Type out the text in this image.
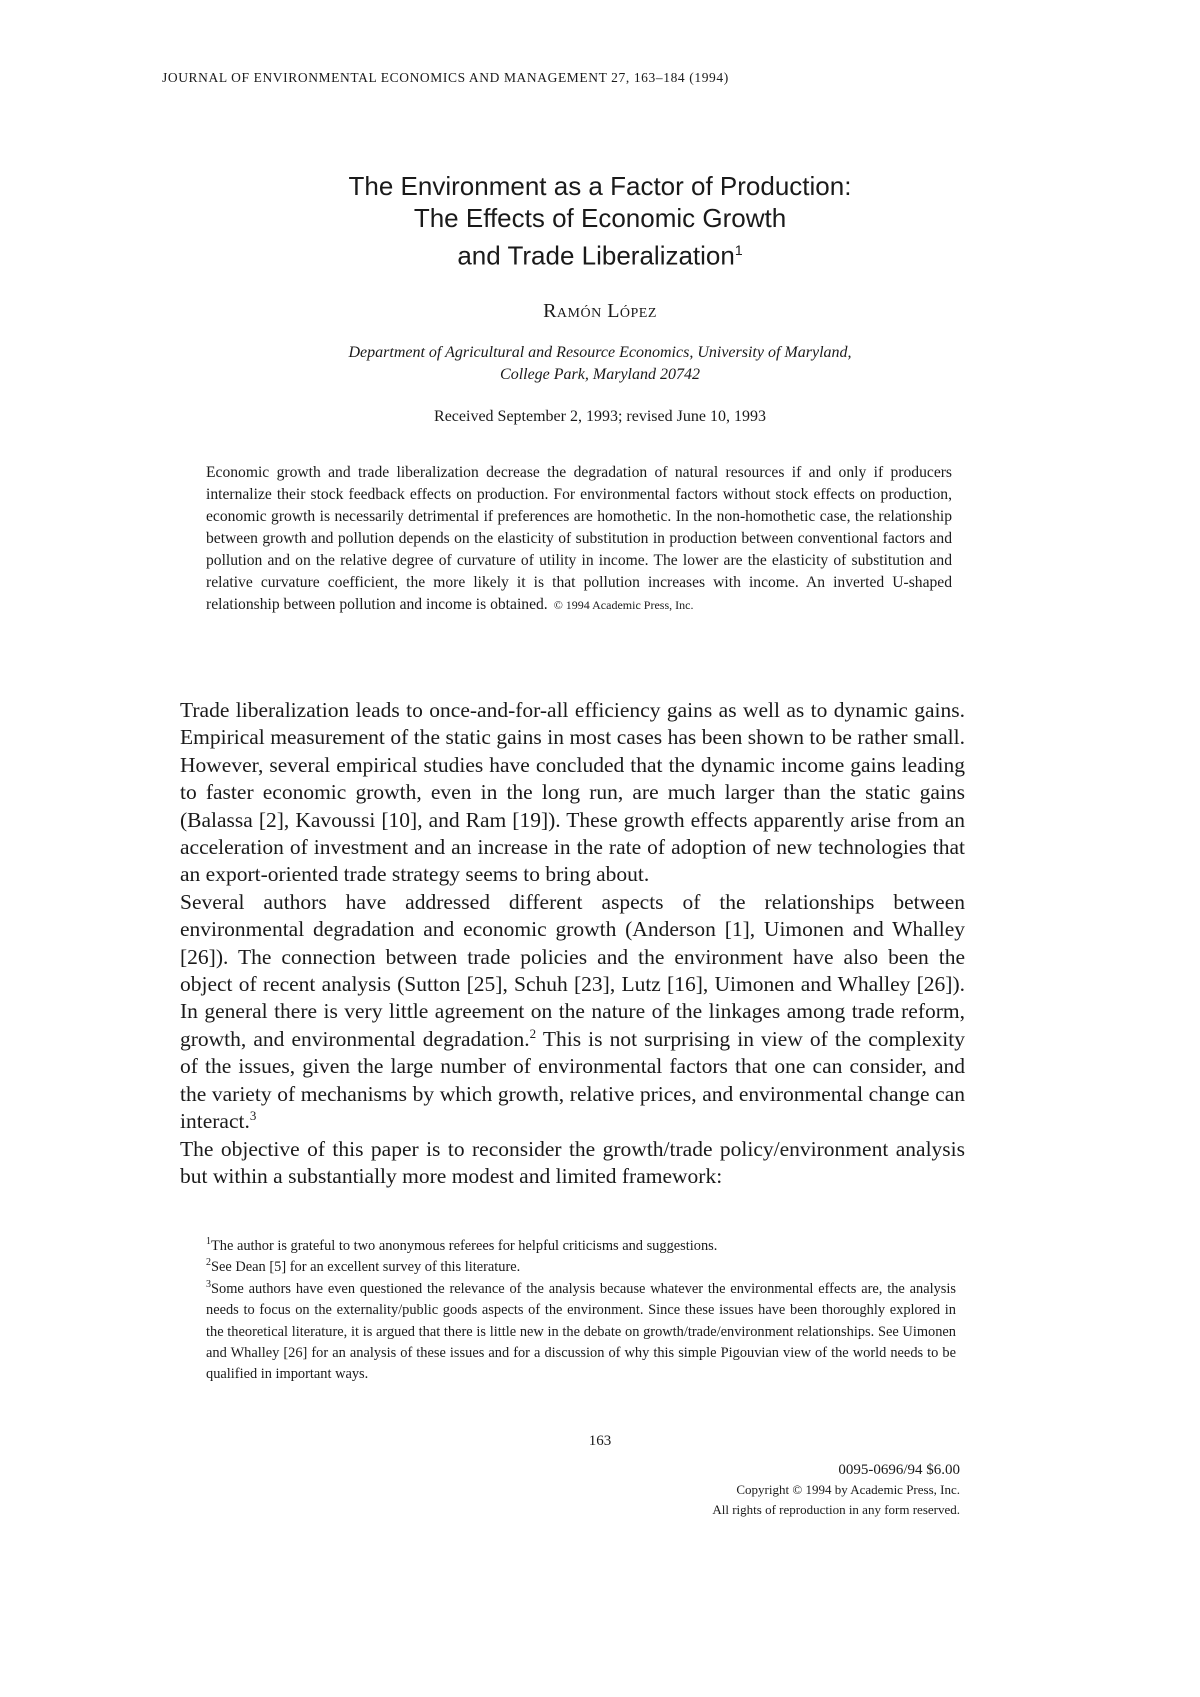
JOURNAL OF ENVIRONMENTAL ECONOMICS AND MANAGEMENT 27, 163–184 (1994)
The Environment as a Factor of Production:
The Effects of Economic Growth
and Trade Liberalization$^1$
Ramón López
Department of Agricultural and Resource Economics, University of Maryland,
College Park, Maryland 20742
Received September 2, 1993; revised June 10, 1993
Economic growth and trade liberalization decrease the degradation of natural resources if and only if producers internalize their stock feedback effects on production. For environmental factors without stock effects on production, economic growth is necessarily detrimental if preferences are homothetic. In the non-homothetic case, the relationship between growth and pollution depends on the elasticity of substitution in production between conventional factors and pollution and on the relative degree of curvature of utility in income. The lower are the elasticity of substitution and relative curvature coefficient, the more likely it is that pollution increases with income. An inverted U-shaped relationship between pollution and income is obtained. © 1994 Academic Press, Inc.

Trade liberalization leads to once-and-for-all efficiency gains as well as to dynamic gains. Empirical measurement of the static gains in most cases has been shown to be rather small. However, several empirical studies have concluded that the dynamic income gains leading to faster economic growth, even in the long run, are much larger than the static gains (Balassa [2], Kavoussi [10], and Ram [19]). These growth effects apparently arise from an acceleration of investment and an increase in the rate of adoption of new technologies that an export-oriented trade strategy seems to bring about.

Several authors have addressed different aspects of the relationships between environmental degradation and economic growth (Anderson [1], Uimonen and Whalley [26]). The connection between trade policies and the environment have also been the object of recent analysis (Sutton [25], Schuh [23], Lutz [16], Uimonen and Whalley [26]). In general there is very little agreement on the nature of the linkages among trade reform, growth, and environmental degradation.$^2$ This is not surprising in view of the complexity of the issues, given the large number of environmental factors that one can consider, and the variety of mechanisms by which growth, relative prices, and environmental change can interact.$^3$

The objective of this paper is to reconsider the growth/trade policy/environment analysis but within a substantially more modest and limited framework:

$^1$The author is grateful to two anonymous referees for helpful criticisms and suggestions.

$^2$See Dean [5] for an excellent survey of this literature.

$^3$Some authors have even questioned the relevance of the analysis because whatever the environmental effects are, the analysis needs to focus on the externality/public goods aspects of the environment. Since these issues have been thoroughly explored in the theoretical literature, it is argued that there is little new in the debate on growth/trade/environment relationships. See Uimonen and Whalley [26] for an analysis of these issues and for a discussion of why this simple Pigouvian view of the world needs to be qualified in important ways.

163
0095-0696/94 $6.00
Copyright © 1994 by Academic Press, Inc.
All rights of reproduction in any form reserved.
